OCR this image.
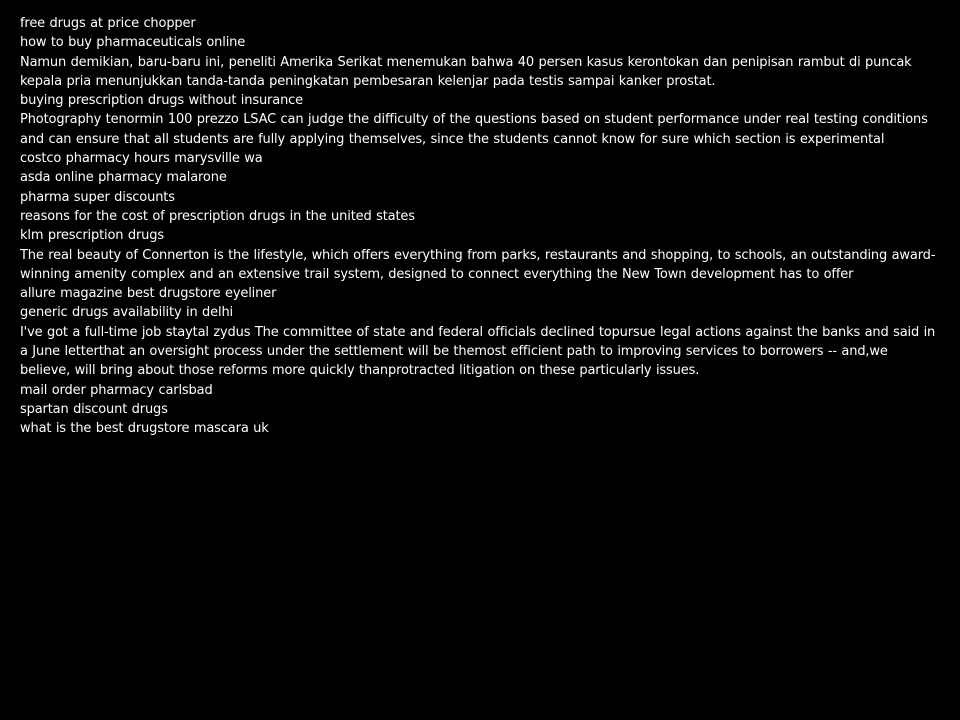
free drugs at price chopper

how to buy pharmaceuticals online

Namun demikian, baru-baru ini, peneliti Amerika Serikat menemukan bahwa 40 persen kasus kerontokan dan penipisan rambut di puncak kepala pria menunjukkan tanda-tanda peningkatan pembesaran kelenjar pada testis sampai kanker prostat.

buying prescription drugs without insurance

Photography tenormin 100 prezzo LSAC can judge the difficulty of the questions based on student performance under real testing conditions and can ensure that all students are fully applying themselves, since the students cannot know for sure which section is experimental

costco pharmacy hours marysville wa

asda online pharmacy malarone

pharma super discounts

reasons for the cost of prescription drugs in the united states

klm prescription drugs

The real beauty of Connerton is the lifestyle, which offers everything from parks, restaurants and shopping, to schools, an outstanding award-winning amenity complex and an extensive trail system, designed to connect everything the New Town development has to offer

allure magazine best drugstore eyeliner

generic drugs availability in delhi

I've got a full-time job staytal zydus The committee of state and federal officials declined topursue legal actions against the banks and said in a June letterthat an oversight process under the settlement will be themost efficient path to improving services to borrowers -- and,we believe, will bring about those reforms more quickly thanprotracted litigation on these particularly issues.

mail order pharmacy carlsbad

spartan discount drugs

what is the best drugstore mascara uk
